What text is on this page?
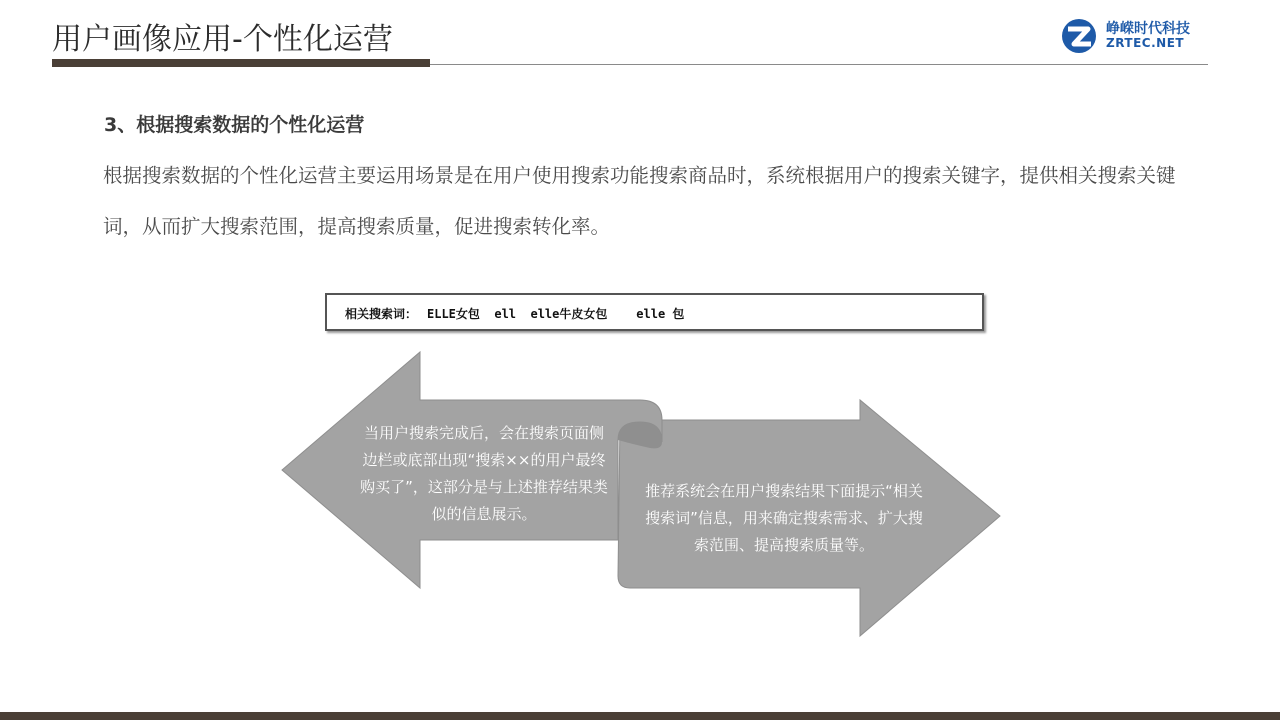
用户画像应用-个性化运营	峥嵘时代科技
ZRTEC.NET
3、根据搜索数据的个性化运营
根据搜索数据的个性化运营主要运用场景是在用户使用搜索功能搜索商品时，系统根据用户的搜索关键字，提供相关搜索关键词，从而扩大搜索范围，提高搜索质量，促进搜索转化率。
相关搜索词： ELLE女包  ell  elle牛皮女包    elle 包
当用户搜索完成后，会在搜索页面侧边栏或底部出现“搜索××的用户最终购买了”，这部分是与上述推荐结果类似的信息展示。
推荐系统会在用户搜索结果下面提示“相关搜索词”信息，用来确定搜索需求、扩大搜索范围、提高搜索质量等。
